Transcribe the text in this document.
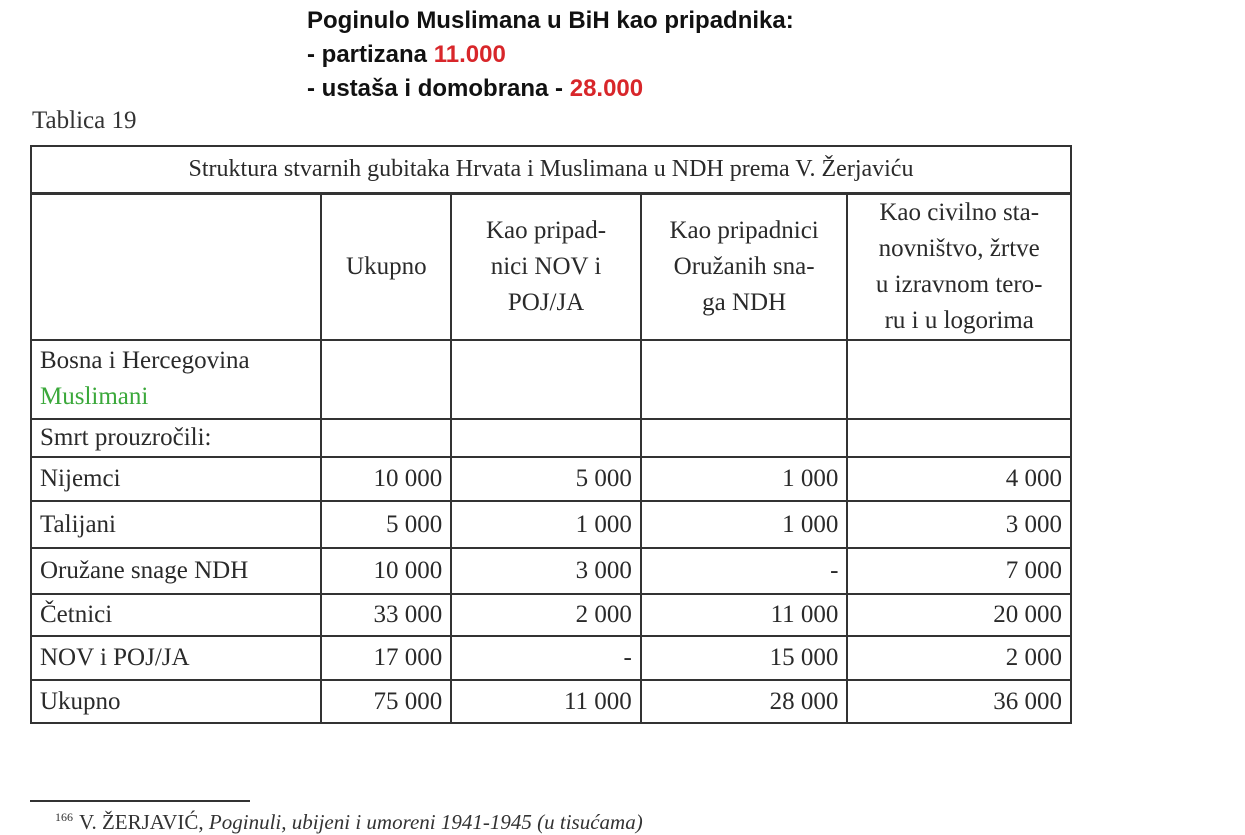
Poginulo Muslimana u BiH kao pripadnika:
- partizana 11.000
- ustaša i domobrana - 28.000
Tablica 19
Struktura stvarnih gubitaka Hrvata i Muslimana u NDH prema V. Žerjaviću				
	Ukupno	Kao pripad-
nici NOV i
POJ/JA	Kao pripadnici
Oružanih sna-
ga NDH	Kao civilno sta-
novništvo, žrtve
u izravnom tero-
ru i u logorima
Bosna i Hercegovina
Muslimani				
Smrt prouzročili:				
Nijemci	10 000	5 000	1 000	4 000
Talijani	5 000	1 000	1 000	3 000
Oružane snage NDH	10 000	3 000	-	7 000
Četnici	33 000	2 000	11 000	20 000
NOV i POJ/JA	17 000	-	15 000	2 000
Ukupno	75 000	11 000	28 000	36 000
$^{166}$ V. ŽERJAVIĆ, Poginuli, ubijeni i umoreni 1941-1945 (u tisućama)
